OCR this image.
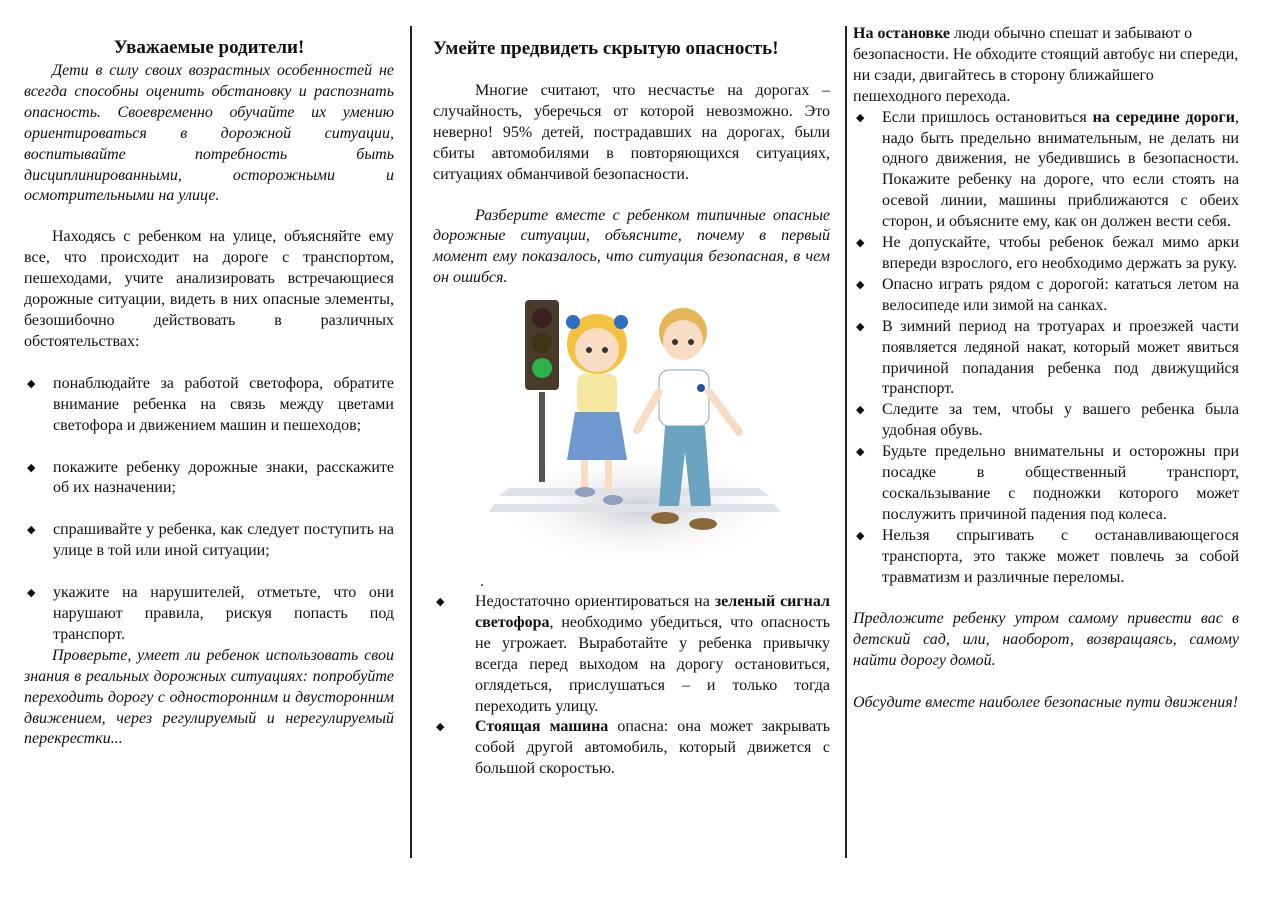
Уважаемые родители!

Дети в силу своих возрастных особенностей не всегда способны оценить обстановку и распознать опасность. Своевременно обучайте их умению ориентироваться в дорожной ситуации, воспитывайте потребность быть дисциплинированными, осторожными и осмотрительными на улице.

Находясь с ребенком на улице, объясняйте ему все, что происходит на дороге с транспортом, пешеходами, учите анализировать встречающиеся дорожные ситуации, видеть в них опасные элементы, безошибочно действовать в различных обстоятельствах:

◆
понаблюдайте за работой светофора, обратите внимание ребенка на связь между цветами светофора и движением машин и пешеходов;
◆
покажите ребенку дорожные знаки, расскажите об их назначении;
◆
спрашивайте у ребенка, как следует поступить на улице в той или иной ситуации;
◆
укажите на нарушителей, отметьте, что они нарушают правила, рискуя попасть под транспорт.

Проверьте, умеет ли ребенок использовать свои знания в реальных дорожных ситуациях: попробуйте переходить дорогу с односторонним и двусторонним движением, через регулируемый и нерегулируемый перекрестки...

Умейте предвидеть скрытую опасность!

Многие считают, что несчастье на дорогах – случайность, уберечься от которой невозможно. Это неверно! 95% детей, пострадавших на дорогах, были сбиты автомобилями в повторяющихся ситуациях, ситуациях обманчивой безопасности.

Разберите вместе с ребенком типичные опасные дорожные ситуации, объясните, почему в первый момент ему показалось, что ситуация безопасная, в чем он ошибся.

.

◆
Недостаточно ориентироваться на зеленый сигнал светофора, необходимо убедиться, что опасность не угрожает. Выработайте у ребенка привычку всегда перед выходом на дорогу остановиться, оглядеться, прислушаться – и только тогда переходить улицу.
◆
Стоящая машина опасна: она может закрывать собой другой автомобиль, который движется с большой скоростью.

На остановке люди обычно спешат и забывают о безопасности. Не обходите стоящий автобус ни спереди, ни сзади, двигайтесь в сторону ближайшего пешеходного перехода.

◆
Если пришлось остановиться на середине дороги, надо быть предельно внимательным, не делать ни одного движения, не убедившись в безопасности. Покажите ребенку на дороге, что если стоять на осевой линии, машины приближаются с обеих сторон, и объясните ему, как он должен вести себя.
◆
Не допускайте, чтобы ребенок бежал мимо арки впереди взрослого, его необходимо держать за руку.
◆
Опасно играть рядом с дорогой: кататься летом на велосипеде или зимой на санках.
◆
В зимний период на тротуарах и проезжей части появляется ледяной накат, который может явиться причиной попадания ребенка под движущийся транспорт.
◆
Следите за тем, чтобы у вашего ребенка была удобная обувь.
◆
Будьте предельно внимательны и осторожны при посадке в общественный транспорт, соскальзывание с подножки которого может послужить причиной падения под колеса.
◆
Нельзя спрыгивать с останавливающегося транспорта, это также может повлечь за собой травматизм и различные переломы.

Предложите ребенку утром самому привести вас в детский сад, или, наоборот, возвращаясь, самому найти дорогу домой.

Обсудите вместе наиболее безопасные пути движения!
